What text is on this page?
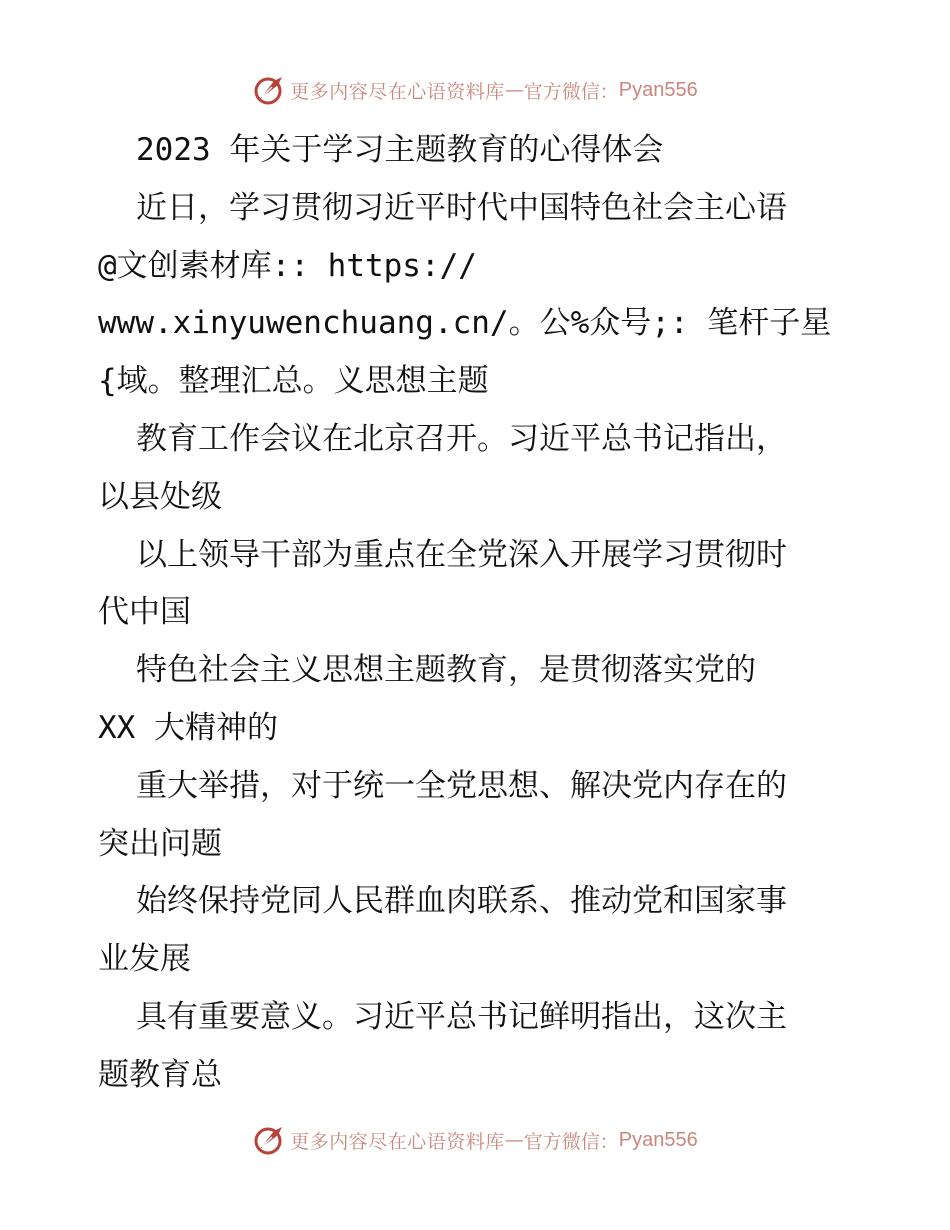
更多内容尽在心语资料库 — 官方微信： Pyan556
2023 年关于学习主题教育的心得体会
近日，学习贯彻习近平时代中国特色社会主心语
@文创素材库:: https://
www.xinyuwenchuang.cn/。公%众号;: 笔杆子星
{域。整理汇总。义思想主题
教育工作会议在北京召开。习近平总书记指出，
以县处级
以上领导干部为重点在全党深入开展学习贯彻时
代中国
特色社会主义思想主题教育，是贯彻落实党的
XX 大精神的
重大举措，对于统一全党思想、解决党内存在的
突出问题
始终保持党同人民群血肉联系、推动党和国家事
业发展
具有重要意义。习近平总书记鲜明指出，这次主
题教育总
更多内容尽在心语资料库 — 官方微信： Pyan556
